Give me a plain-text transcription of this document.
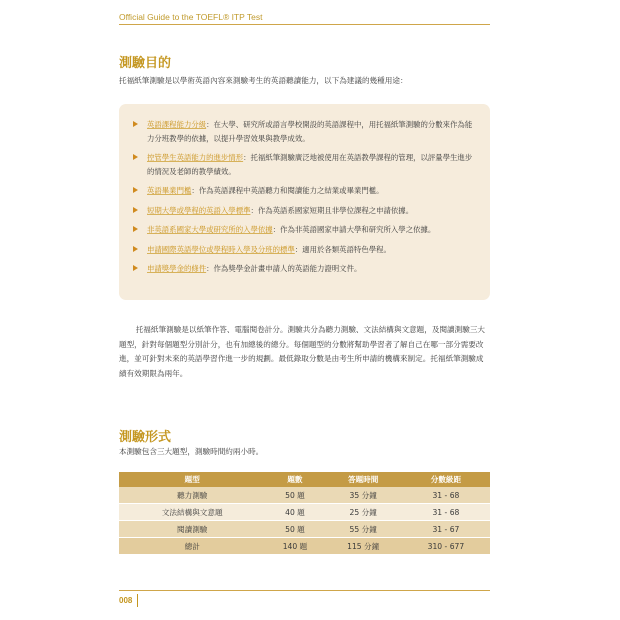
Official Guide to the TOEFL® ITP Test
測驗目的

托福紙筆測驗是以學術英語內容來測驗考生的英語聽讀能力，以下為建議的幾種用途：

英語課程能力分級：在大學、研究所或語言學校開設的英語課程中，用托福紙筆測驗的分數來作為能力分班教學的依據，以提升學習效果與教學成效。
控管學生英語能力的進步情形：托福紙筆測驗廣泛地被使用在英語教學課程的管理，以評量學生進步的情況及老師的教學績效。
英語畢業門檻：作為英語課程中英語聽力和閱讀能力之結業或畢業門檻。
短期大學或學程的英語入學標準：作為英語系國家短期且非學位課程之申請依據。
非英語系國家大學或研究所的入學依據：作為非英語國家申請大學和研究所入學之依據。
申請國際英語學位或學程時入學及分班的標準：適用於各類英語特色學程。
申請獎學金的條件：作為獎學金計畫申請人的英語能力證明文件。

托福紙筆測驗是以紙筆作答、電腦閱卷計分。測驗共分為聽力測驗、文法結構與文意題，及閱讀測驗三大題型，針對每個題型分別計分，也有加總後的總分。每個題型的分數將幫助學習者了解自己在哪一部分需要改進，並可針對未來的英語學習作進一步的規劃。最低錄取分數是由考生所申請的機構來制定。托福紙筆測驗成績有效期限為兩年。

測驗形式

本測驗包含三大題型，測驗時間約兩小時。

題型	題數	答題時間	分數級距
聽力測驗	50 題	35 分鐘	31 - 68
文法結構與文意題	40 題	25 分鐘	31 - 68
閱讀測驗	50 題	55 分鐘	31 - 67
總計	140 題	115 分鐘	310 - 677
008
